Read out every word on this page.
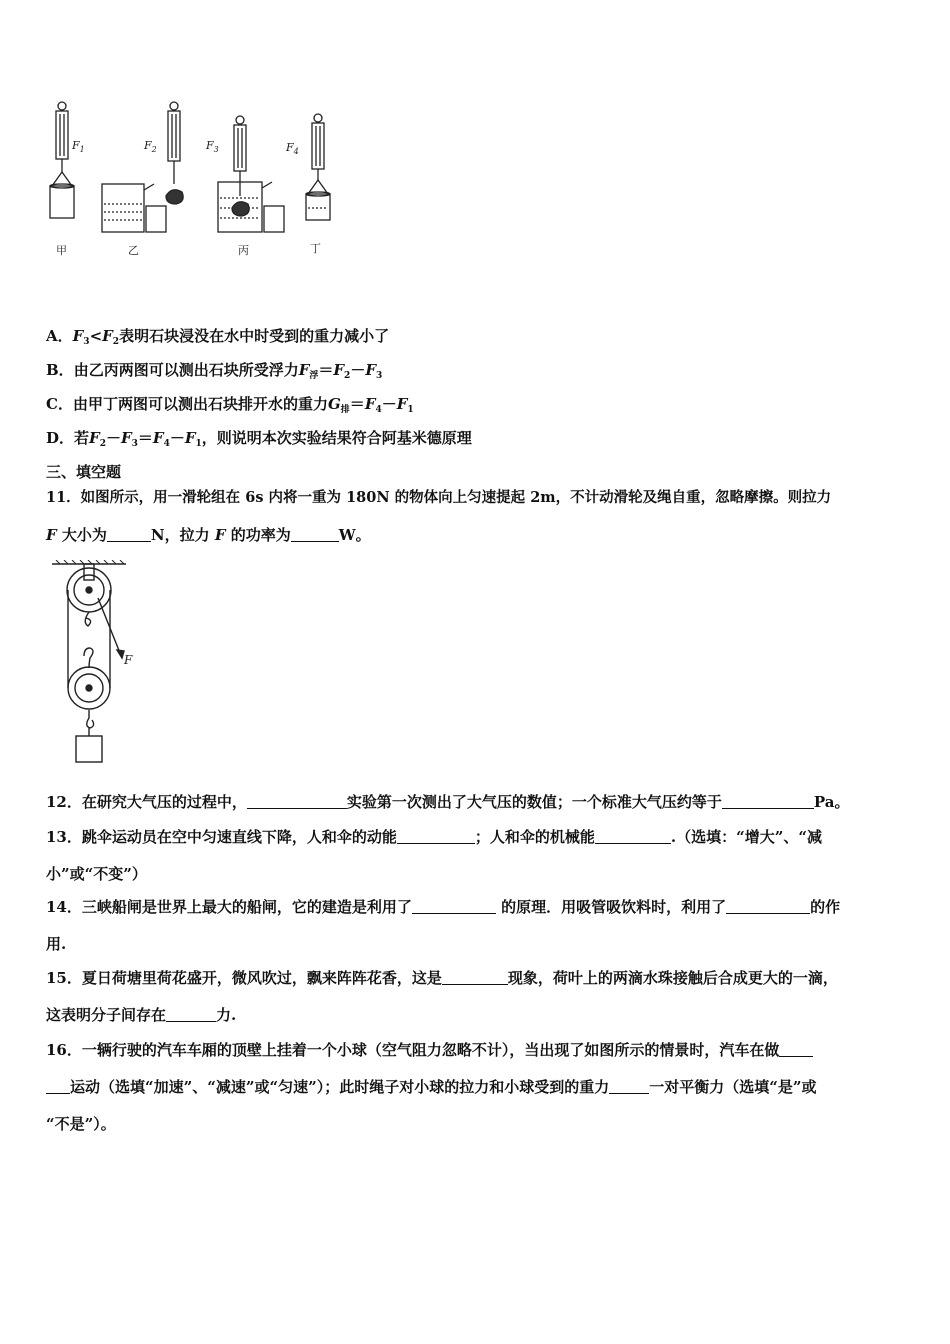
$F_1$	$F_2$	$F_3$	$F_4$
甲	乙	丙	丁
A．$F_3<F_2$表明石块浸没在水中时受到的重力减小了
B．由乙丙两图可以测出石块所受浮力$F_浮=F_2-F_3$
C．由甲丁两图可以测出石块排开水的重力$G_排=F_4-F_1$
D．若$F_2-F_3=F_4-F_1$，则说明本次实验结果符合阿基米德原理
三、填空题
11．如图所示，用一滑轮组在 6s 内将一重为 180N 的物体向上匀速提起 2m，不计动滑轮及绳自重，忽略摩擦。则拉力
F 大小为	N，拉力 F 的功率为	W。
F
12．在研究大气压的过程中，	实验第一次测出了大气压的数值；一个标准大气压约等于	Pa。
13．跳伞运动员在空中匀速直线下降，人和伞的动能	；人和伞的机械能	.（选填：“增大”、“减
小”或“不变”）
14．三峡船闸是世界上最大的船闸，它的建造是利用了	的原理．用吸管吸饮料时，利用了	的作
用.
15．夏日荷塘里荷花盛开，微风吹过，飘来阵阵花香，这是	现象，荷叶上的两滴水珠接触后合成更大的一滴，
这表明分子间存在	力.
16．一辆行驶的汽车车厢的顶壁上挂着一个小球（空气阻力忽略不计），当出现了如图所示的情景时，汽车在做
运动（选填“加速”、“减速”或“匀速”）；此时绳子对小球的拉力和小球受到的重力	一对平衡力（选填“是”或
“不是”）。
